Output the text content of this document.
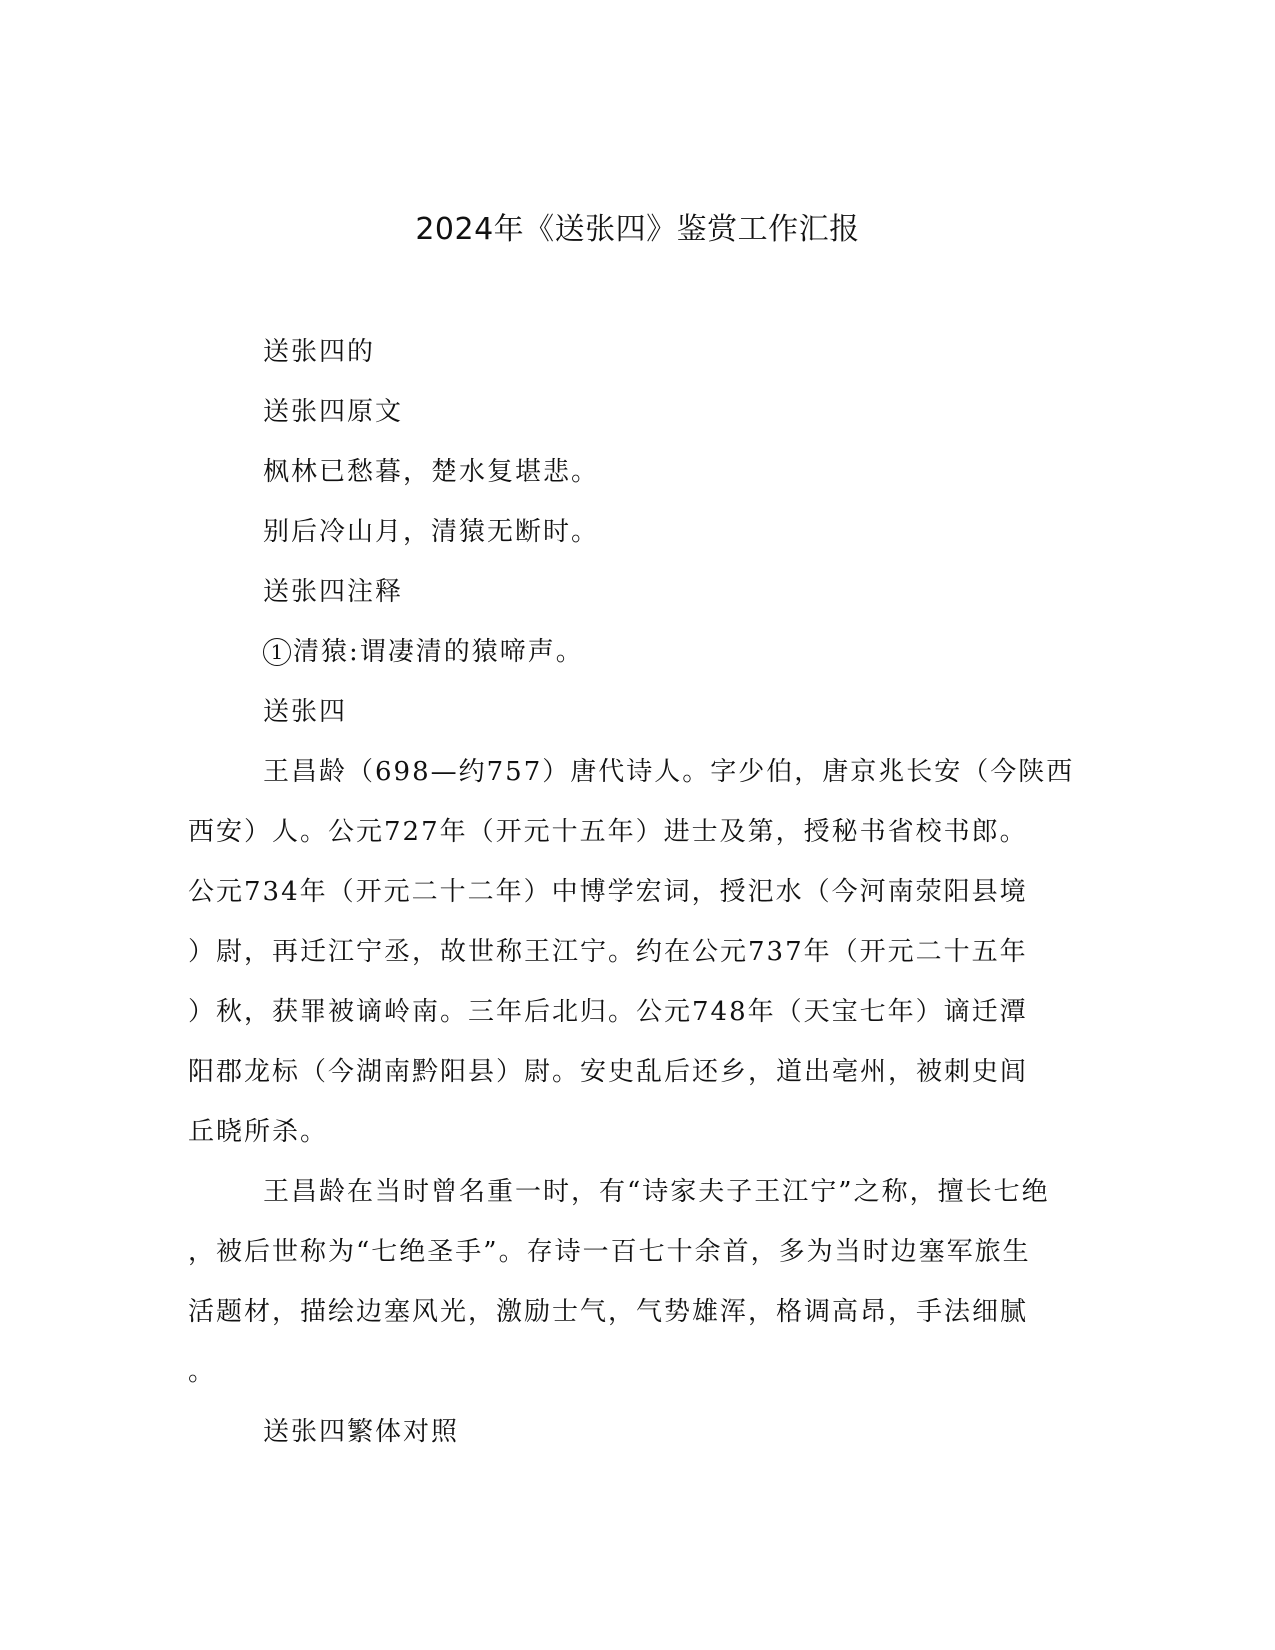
2024年《送张四》鉴赏工作汇报

送张四的

送张四原文

枫林已愁暮，楚水复堪悲。

别后冷山月，清猿无断时。

送张四注释

1 清猿:谓凄清的猿啼声。

送张四

王昌龄（698—约757）唐代诗人。字少伯，唐京兆长安（今陕西

西安）人。公元727年（开元十五年）进士及第，授秘书省校书郎。

公元734年（开元二十二年）中博学宏词，授汜水（今河南荥阳县境

）尉，再迁江宁丞，故世称王江宁。约在公元737年（开元二十五年

）秋，获罪被谪岭南。三年后北归。公元748年（天宝七年）谪迁潭

阳郡龙标（今湖南黔阳县）尉。安史乱后还乡，道出亳州，被刺史闾

丘晓所杀。

王昌龄在当时曾名重一时，有“诗家夫子王江宁”之称，擅长七绝

，被后世称为“七绝圣手”。存诗一百七十余首，多为当时边塞军旅生

活题材，描绘边塞风光，激励士气，气势雄浑，格调高昂，手法细腻

。

送张四繁体对照
